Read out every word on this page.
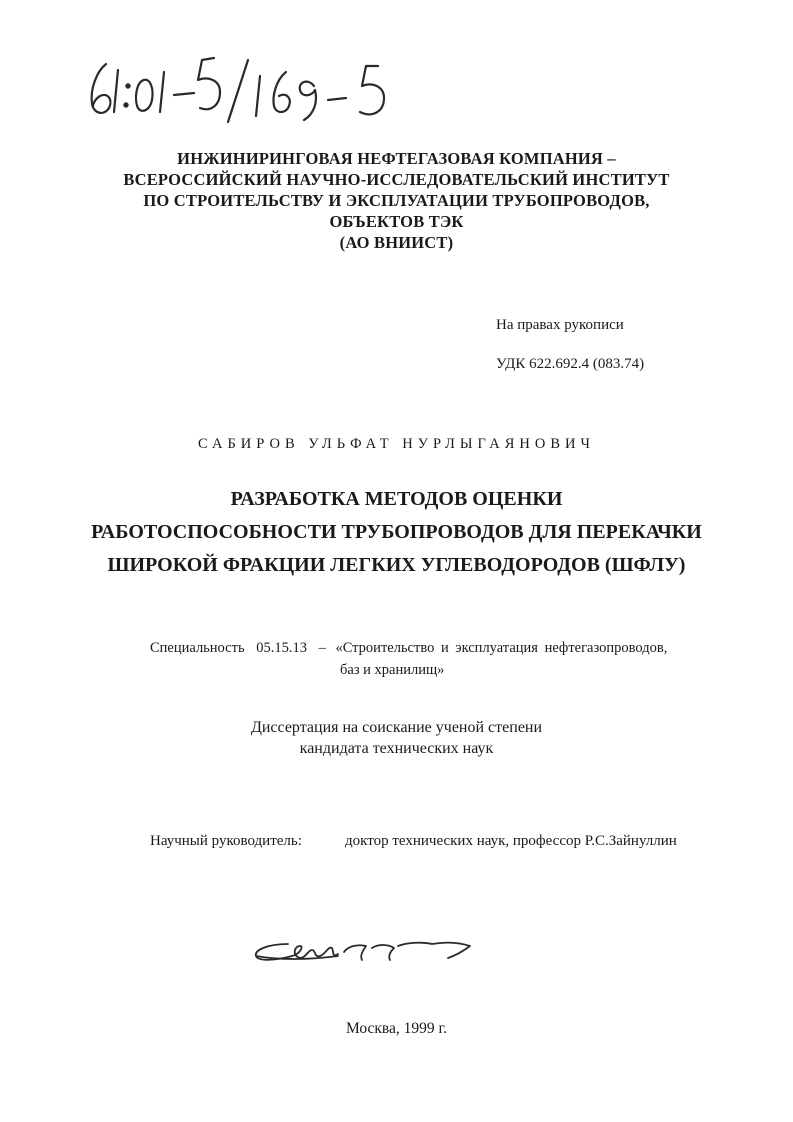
ИНЖИНИРИНГОВАЯ НЕФТЕГАЗОВАЯ КОМПАНИЯ –
ВСЕРОССИЙСКИЙ НАУЧНО-ИССЛЕДОВАТЕЛЬСКИЙ ИНСТИТУТ
ПО СТРОИТЕЛЬСТВУ И ЭКСПЛУАТАЦИИ ТРУБОПРОВОДОВ,
ОБЪЕКТОВ ТЭК
(АО ВНИИСТ)
На правах рукописи
УДК 622.692.4 (083.74)
САБИРОВ УЛЬФАТ НУРЛЫГАЯНОВИЧ
РАЗРАБОТКА МЕТОДОВ ОЦЕНКИ
РАБОТОСПОСОБНОСТИ ТРУБОПРОВОДОВ ДЛЯ ПЕРЕКАЧКИ
ШИРОКОЙ ФРАКЦИИ ЛЕГКИХ УГЛЕВОДОРОДОВ (ШФЛУ)
Специальность 05.15.13 – «Строительство и эксплуатация нефтегазопроводов,
баз и хранилищ»
Диссертация на соискание ученой степени
кандидата технических наук
Научный руководитель:	доктор технических наук, профессор Р.С.Зайнуллин
Москва, 1999 г.
